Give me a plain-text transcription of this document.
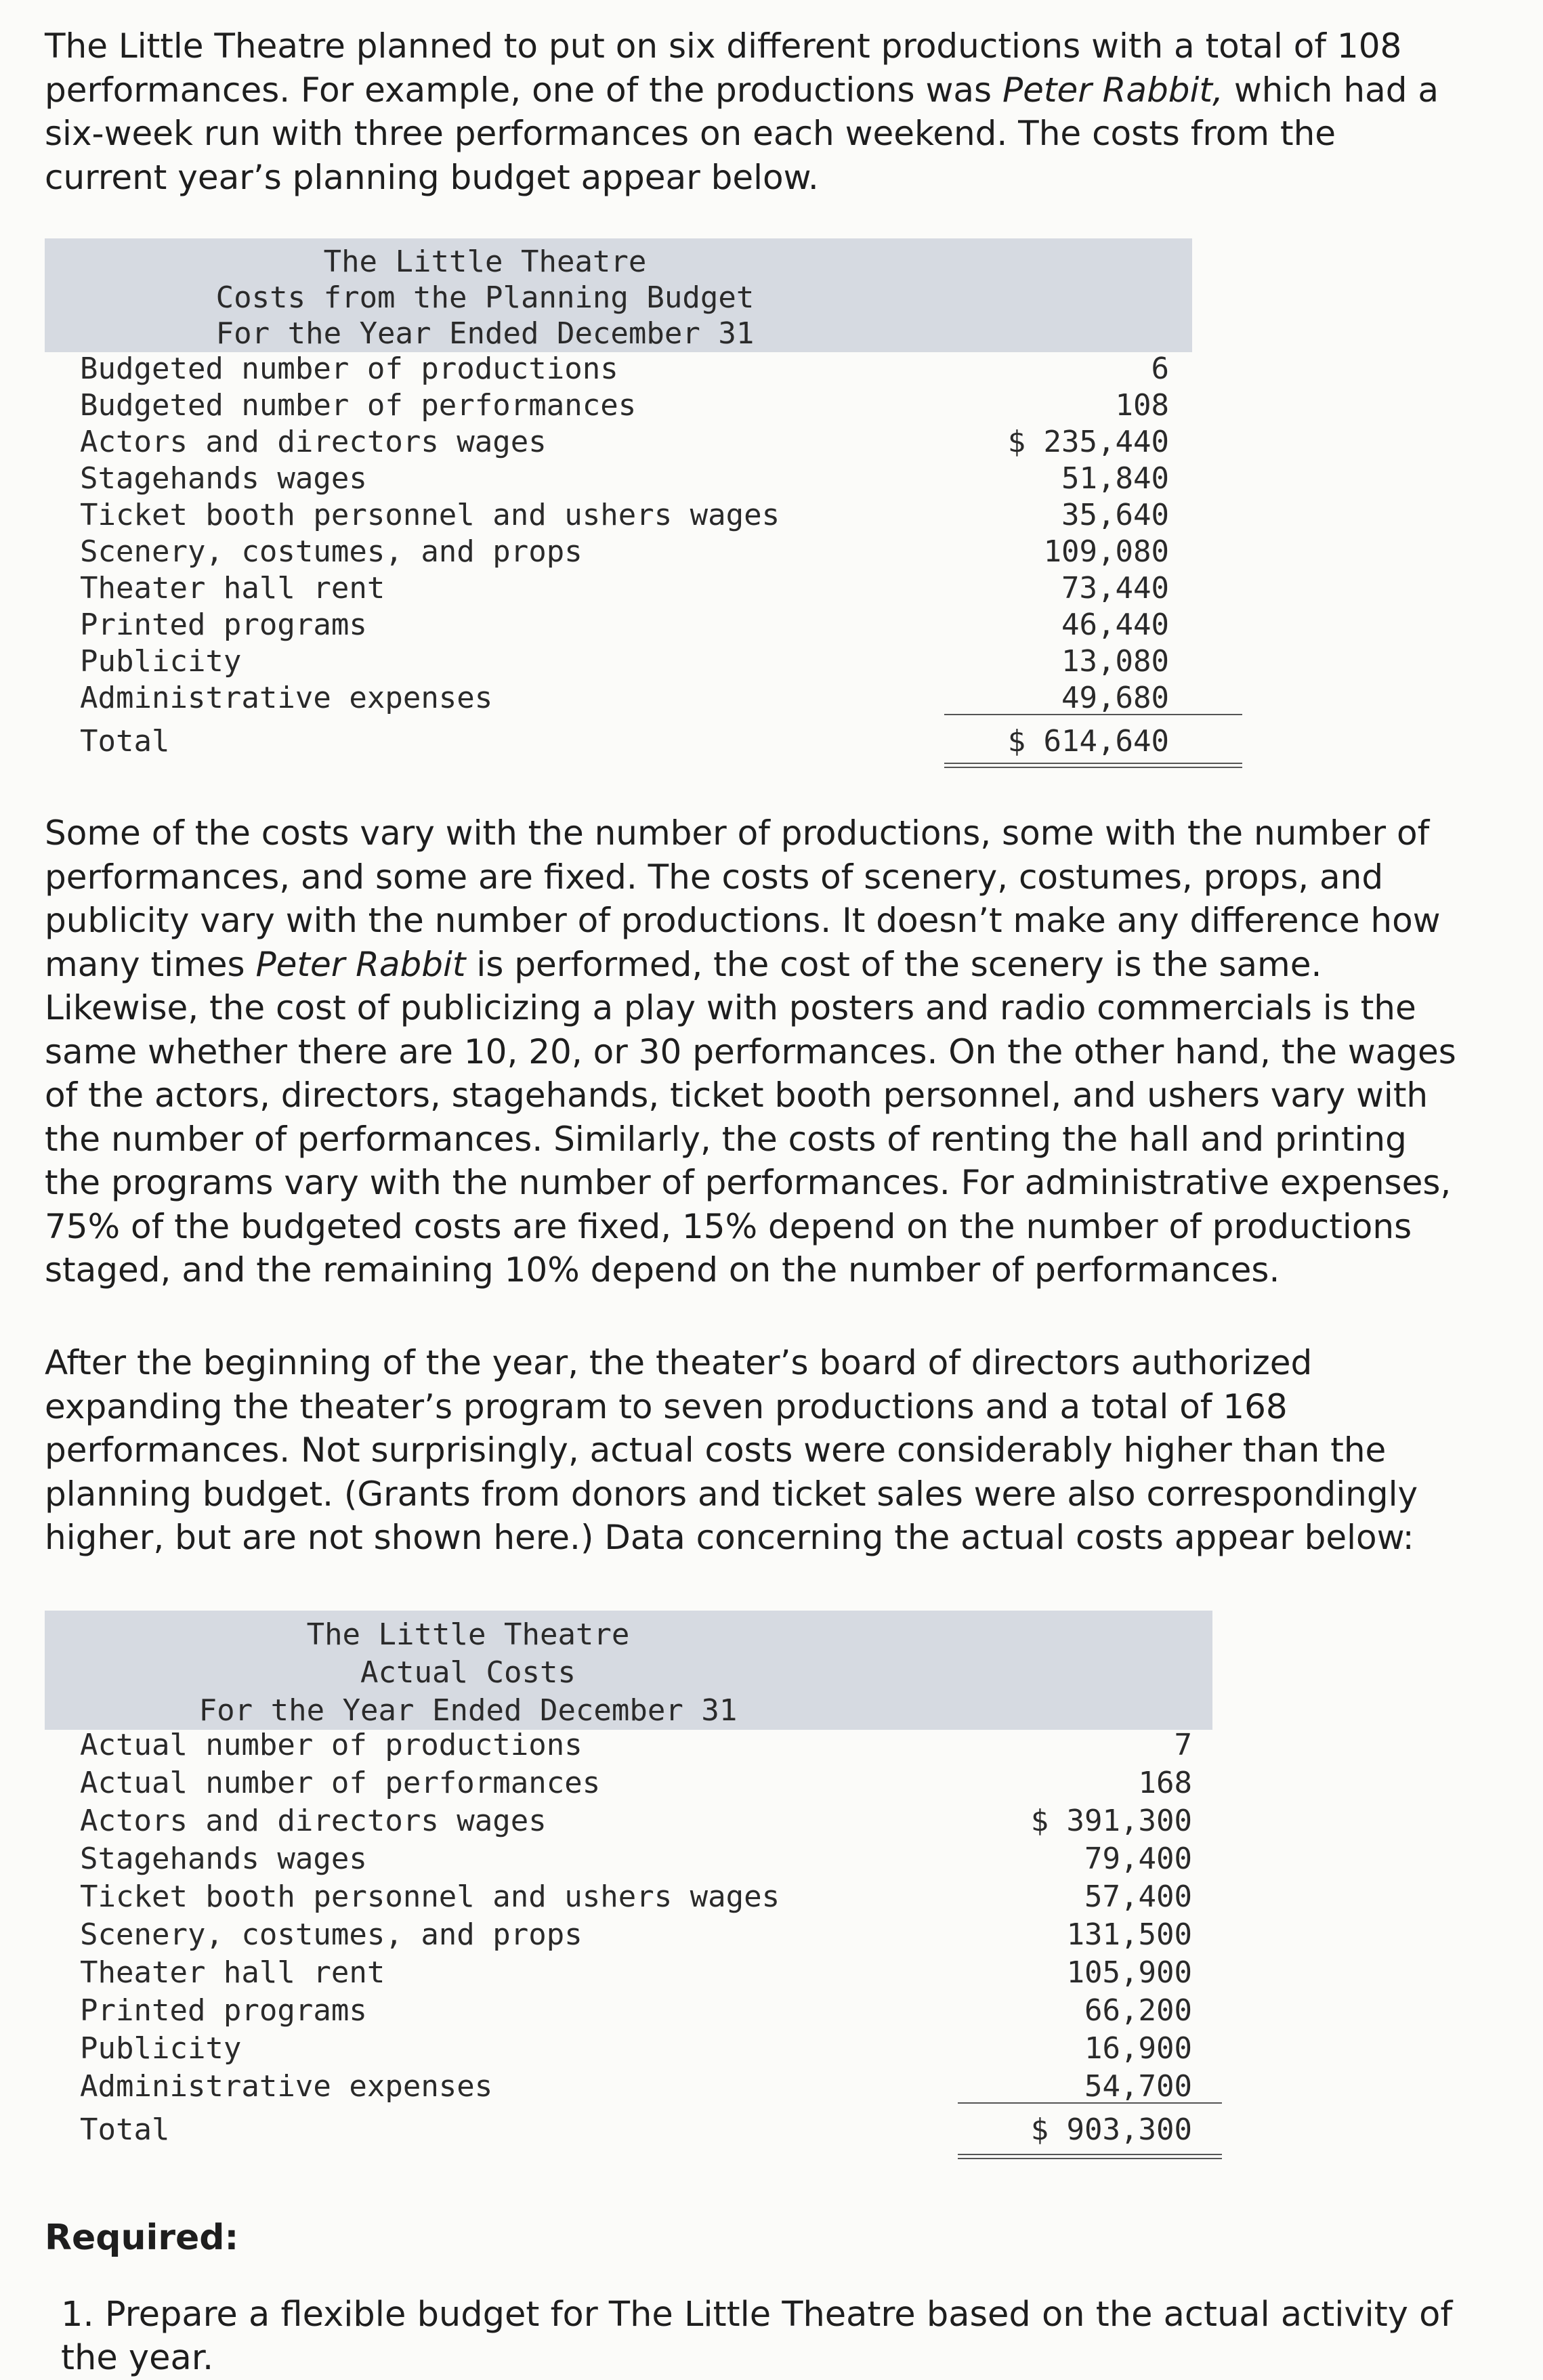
The Little Theatre planned to put on six different productions with a total of 108 performances. For example, one of the productions was Peter Rabbit, which had a six-week run with three performances on each weekend. The costs from the current year’s planning budget appear below.

The Little Theatre
Costs from the Planning Budget
For the Year Ended December 31
Budgeted number of productions	6
Budgeted number of performances	108
Actors and directors wages	$ 235,440
Stagehands wages	51,840
Ticket booth personnel and ushers wages	35,640
Scenery, costumes, and props	109,080
Theater hall rent	73,440
Printed programs	46,440
Publicity	13,080
Administrative expenses	49,680
Total	$ 614,640

Some of the costs vary with the number of productions, some with the number of performances, and some are fixed. The costs of scenery, costumes, props, and publicity vary with the number of productions. It doesn’t make any difference how many times Peter Rabbit is performed, the cost of the scenery is the same. Likewise, the cost of publicizing a play with posters and radio commercials is the same whether there are 10, 20, or 30 performances. On the other hand, the wages of the actors, directors, stagehands, ticket booth personnel, and ushers vary with the number of performances. Similarly, the costs of renting the hall and printing the programs vary with the number of performances. For administrative expenses, 75% of the budgeted costs are fixed, 15% depend on the number of productions staged, and the remaining 10% depend on the number of performances.

After the beginning of the year, the theater’s board of directors authorized expanding the theater’s program to seven productions and a total of 168 performances. Not surprisingly, actual costs were considerably higher than the planning budget. (Grants from donors and ticket sales were also correspondingly higher, but are not shown here.) Data concerning the actual costs appear below:

The Little Theatre
Actual Costs
For the Year Ended December 31
Actual number of productions	7
Actual number of performances	168
Actors and directors wages	$ 391,300
Stagehands wages	79,400
Ticket booth personnel and ushers wages	57,400
Scenery, costumes, and props	131,500
Theater hall rent	105,900
Printed programs	66,200
Publicity	16,900
Administrative expenses	54,700
Total	$ 903,300
Required:
1. Prepare a flexible budget for The Little Theatre based on the actual activity of the year.
